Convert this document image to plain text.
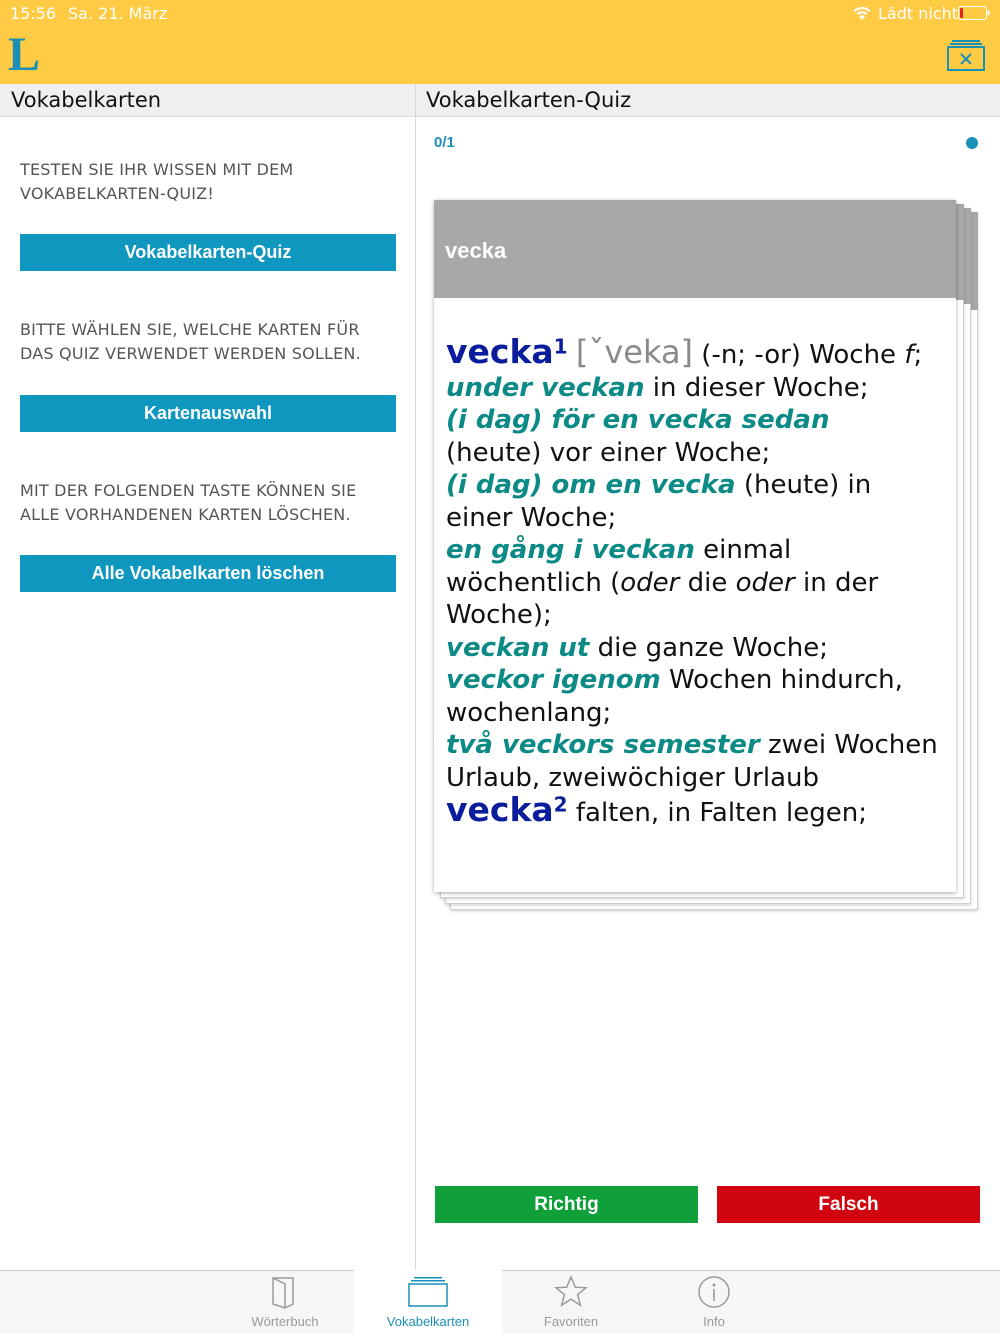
15:56 Sa. 21. März	Lädt nicht
L
Vokabelkarten	Vokabelkarten-Quiz
TESTEN SIE IHR WISSEN MIT DEM VOKABELKARTEN-QUIZ!
Vokabelkarten-Quiz
BITTE WÄHLEN SIE, WELCHE KARTEN FÜR DAS QUIZ VERWENDET WERDEN SOLLEN.
Kartenauswahl
MIT DER FOLGENDEN TASTE KÖNNEN SIE ALLE VORHANDENEN KARTEN LÖSCHEN.
Alle Vokabelkarten löschen
0/1
vecka
vecka$^1$ [ˇveka] (-n; -or) Woche f;
under veckan in dieser Woche;
(i dag) för en vecka sedan
(heute) vor einer Woche;
(i dag) om en vecka (heute) in einer Woche;
en gång i veckan einmal wöchentlich (oder die oder in der Woche);
veckan ut die ganze Woche;
veckor igenom Wochen hindurch, wochenlang;
två veckors semester zwei Wochen Urlaub, zweiwöchiger Urlaub
vecka$^2$ falten, in Falten legen;
Richtig	Falsch
Wörterbuch	Vokabelkarten	Favoriten	Info
